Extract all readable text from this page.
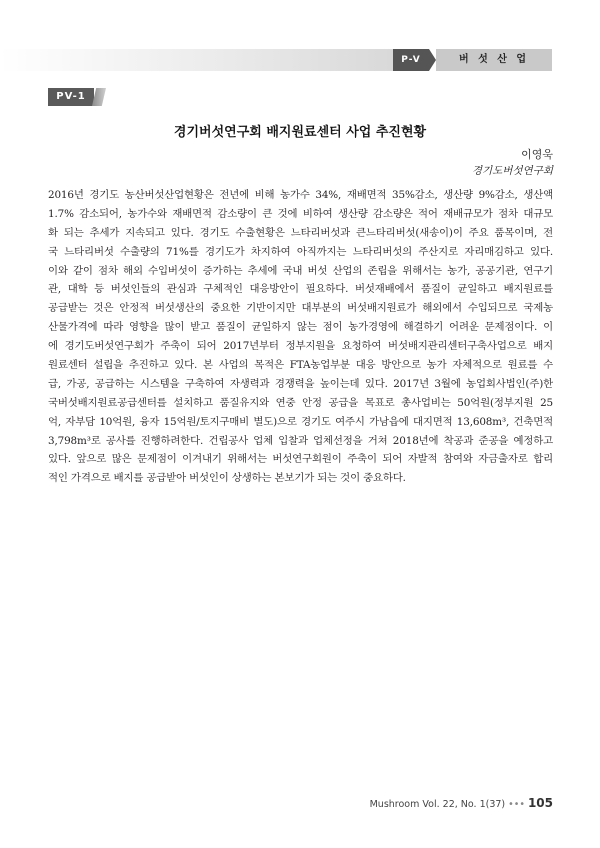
P-V	버 섯 산 업
PV-1
경기버섯연구회 배지원료센터 사업 추진현황
이영욱
경기도버섯연구회
2016년 경기도 농산버섯산업현황은 전년에 비해 농가수 34%, 재배면적 35%감소, 생산량 9%감소, 생산액
1.7% 감소되어, 농가수와 재배면적 감소량이 큰 것에 비하여 생산량 감소량은 적어 재배규모가 점차 대규모
화 되는 추세가 지속되고 있다. 경기도 수출현황은 느타리버섯과 큰느타리버섯(새송이)이 주요 품목이며, 전
국 느타리버섯 수출량의 71%를 경기도가 차지하여 아직까지는 느타리버섯의 주산지로 자리매김하고 있다.
이와 같이 점차 해외 수입버섯이 증가하는 추세에 국내 버섯 산업의 존립을 위해서는 농가, 공공기관, 연구기
관, 대학 등 버섯인들의 관심과 구체적인 대응방안이 필요하다. 버섯재배에서 품질이 균일하고 배지원료를
공급받는 것은 안정적 버섯생산의 중요한 기반이지만 대부분의 버섯배지원료가 해외에서 수입되므로 국제농
산물가격에 따라 영향을 많이 받고 품질이 균일하지 않는 점이 농가경영에 해결하기 어려운 문제점이다. 이
에 경기도버섯연구회가 주축이 되어 2017년부터 정부지원을 요청하여 버섯배지관리센터구축사업으로 배지
원료센터 설립을 추진하고 있다. 본 사업의 목적은 FTA농업부분 대응 방안으로 농가 자체적으로 원료를 수
급, 가공, 공급하는 시스템을 구축하여 자생력과 경쟁력을 높이는데 있다. 2017년 3월에 농업회사법인(주)한
국버섯배지원료공급센터를 설치하고 품질유지와 연중 안정 공급을 목표로 총사업비는 50억원(정부지원 25
억, 자부담 10억원, 융자 15억원/토지구매비 별도)으로 경기도 여주시 가남읍에 대지면적 13,608m³, 건축면적
3,798m³로 공사를 진행하려한다. 건립공사 업체 입찰과 업체선정을 거쳐 2018년에 착공과 준공을 예정하고
있다. 앞으로 많은 문제점이 이겨내기 위해서는 버섯연구회원이 주축이 되어 자발적 참여와 자금출자로 합리
적인 가격으로 배지를 공급받아 버섯인이 상생하는 본보기가 되는 것이 중요하다.
Mushroom Vol. 22, No. 1(37) ••• 105
